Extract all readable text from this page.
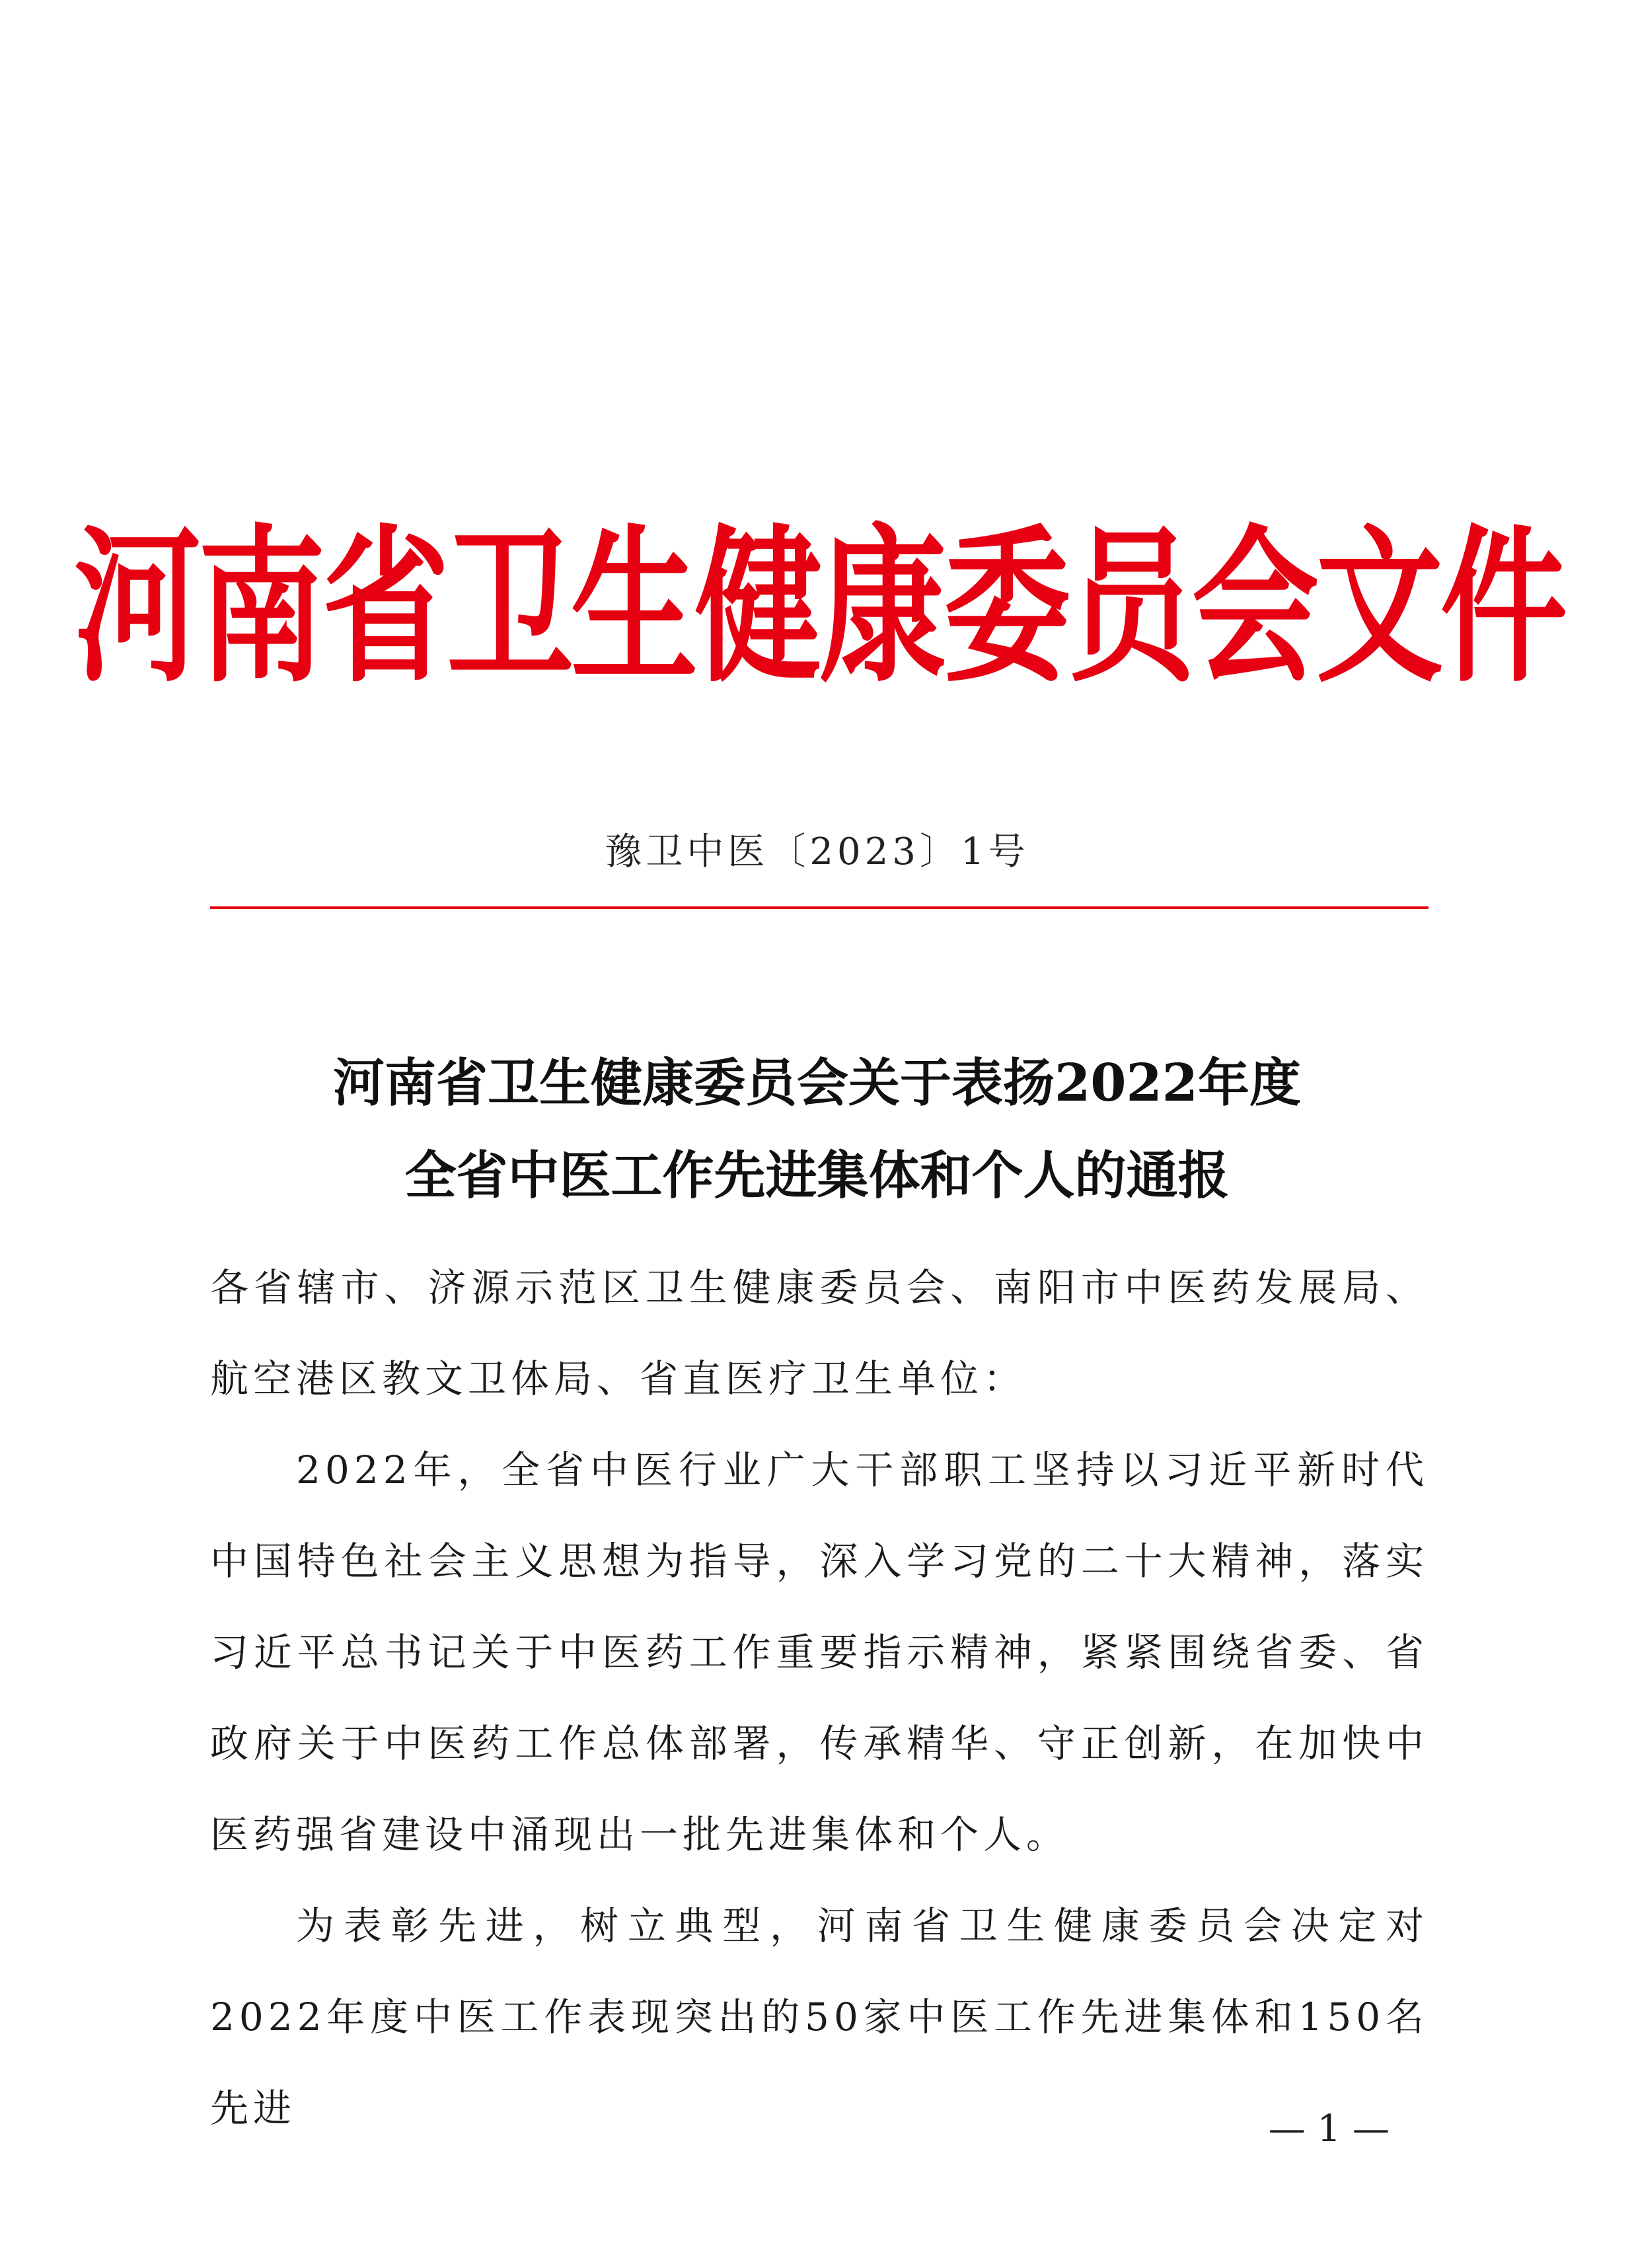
河南省卫生健康委员会文件
豫卫中医〔2023〕1号
河南省卫生健康委员会关于表扬2022年度
全省中医工作先进集体和个人的通报

各省辖市、济源示范区卫生健康委员会、南阳市中医药发展局、航空港区教文卫体局、省直医疗卫生单位：

2022年，全省中医行业广大干部职工坚持以习近平新时代中国特色社会主义思想为指导，深入学习党的二十大精神，落实习近平总书记关于中医药工作重要指示精神，紧紧围绕省委、省政府关于中医药工作总体部署，传承精华、守正创新，在加快中医药强省建设中涌现出一批先进集体和个人。

为表彰先进，树立典型，河南省卫生健康委员会决定对2022年度中医工作表现突出的50家中医工作先进集体和150名先进	— 1 —
